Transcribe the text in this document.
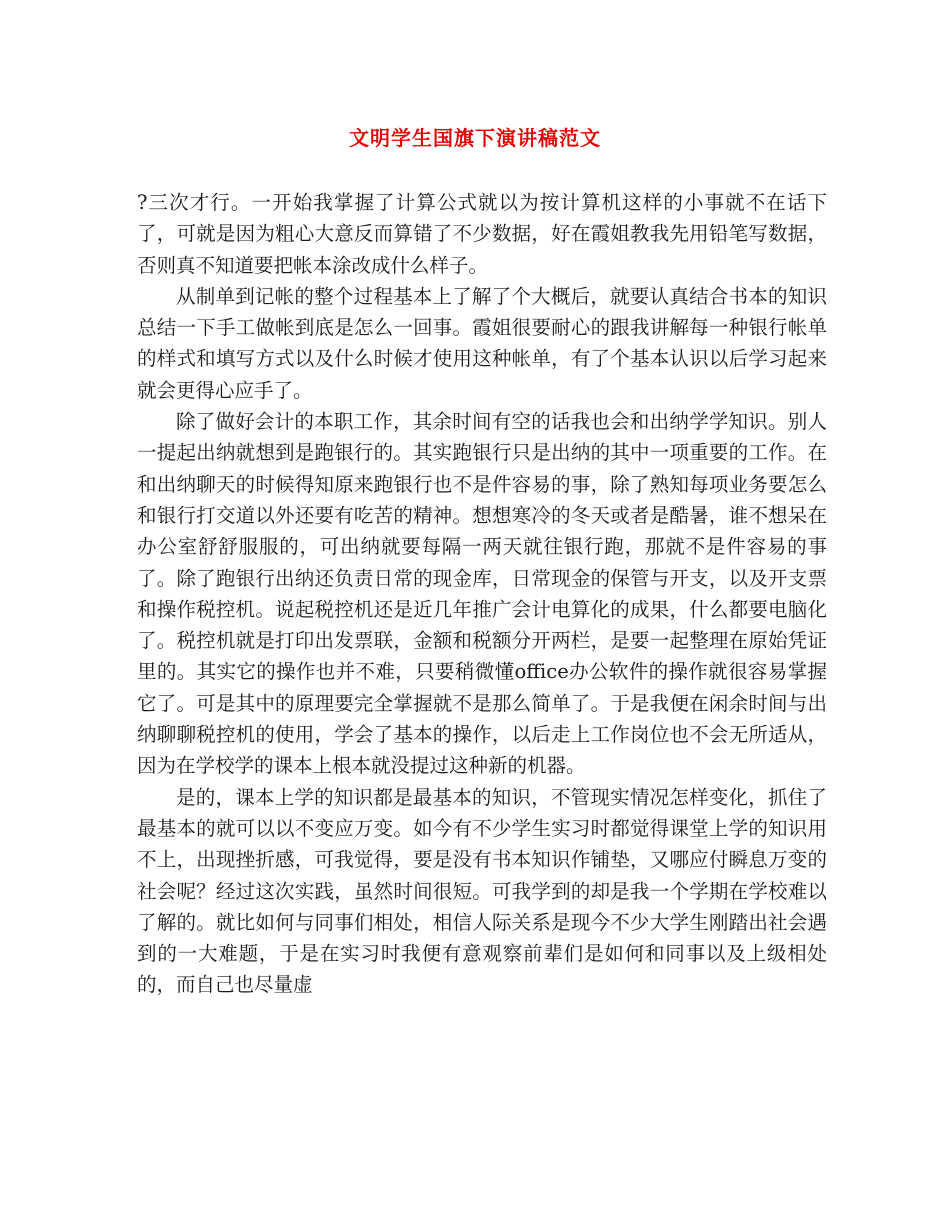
文明学生国旗下演讲稿范文

?三次才行。一开始我掌握了计算公式就以为按计算机这样的小事就不在话下了，可就是因为粗心大意反而算错了不少数据，好在霞姐教我先用铅笔写数据，否则真不知道要把帐本涂改成什么样子。

从制单到记帐的整个过程基本上了解了个大概后，就要认真结合书本的知识总结一下手工做帐到底是怎么一回事。霞姐很要耐心的跟我讲解每一种银行帐单的样式和填写方式以及什么时候才使用这种帐单，有了个基本认识以后学习起来就会更得心应手了。

除了做好会计的本职工作，其余时间有空的话我也会和出纳学学知识。别人一提起出纳就想到是跑银行的。其实跑银行只是出纳的其中一项重要的工作。在和出纳聊天的时候得知原来跑银行也不是件容易的事，除了熟知每项业务要怎么和银行打交道以外还要有吃苦的精神。想想寒冷的冬天或者是酷暑，谁不想呆在办公室舒舒服服的，可出纳就要每隔一两天就往银行跑，那就不是件容易的事了。除了跑银行出纳还负责日常的现金库，日常现金的保管与开支，以及开支票和操作税控机。说起税控机还是近几年推广会计电算化的成果，什么都要电脑化了。税控机就是打印出发票联，金额和税额分开两栏，是要一起整理在原始凭证里的。其实它的操作也并不难，只要稍微懂office办公软件的操作就很容易掌握它了。可是其中的原理要完全掌握就不是那么简单了。于是我便在闲余时间与出纳聊聊税控机的使用，学会了基本的操作，以后走上工作岗位也不会无所适从，因为在学校学的课本上根本就没提过这种新的机器。

是的，课本上学的知识都是最基本的知识，不管现实情况怎样变化，抓住了最基本的就可以以不变应万变。如今有不少学生实习时都觉得课堂上学的知识用不上，出现挫折感，可我觉得，要是没有书本知识作铺垫，又哪应付瞬息万变的社会呢？经过这次实践，虽然时间很短。可我学到的却是我一个学期在学校难以了解的。就比如何与同事们相处，相信人际关系是现今不少大学生刚踏出社会遇到的一大难题，于是在实习时我便有意观察前辈们是如何和同事以及上级相处的，而自己也尽量虚
